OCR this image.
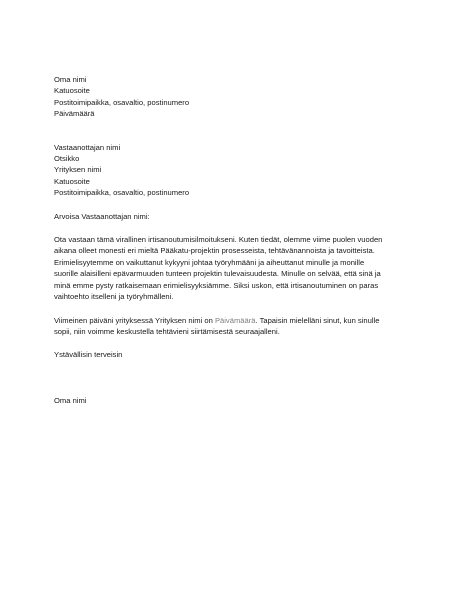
Oma nimi
Katuosoite
Postitoimipaikka, osavaltio, postinumero
Päivämäärä
Vastaanottajan nimi
Otsikko
Yrityksen nimi
Katuosoite
Postitoimipaikka, osavaltio, postinumero
Arvoisa Vastaanottajan nimi:
Ota vastaan tämä virallinen irtisanoutumisilmoitukseni. Kuten tiedät, olemme viime puolen vuoden
aikana olleet monesti eri mieltä Pääkatu-projektin prosesseista, tehtävänannoista ja tavoitteista.
Erimielisyytemme on vaikuttanut kykyyni johtaa työryhmääni ja aiheuttanut minulle ja monille
suorille alaisilleni epävarmuuden tunteen projektin tulevaisuudesta. Minulle on selvää, että sinä ja
minä emme pysty ratkaisemaan erimielisyyksiämme. Siksi uskon, että irtisanoutuminen on paras
vaihtoehto itselleni ja työryhmälleni.
Viimeinen päiväni yrityksessä Yrityksen nimi on Päivämäärä. Tapaisin mielelläni sinut, kun sinulle
sopii, niin voimme keskustella tehtävieni siirtämisestä seuraajalleni.
Ystävällisin terveisin
Oma nimi
